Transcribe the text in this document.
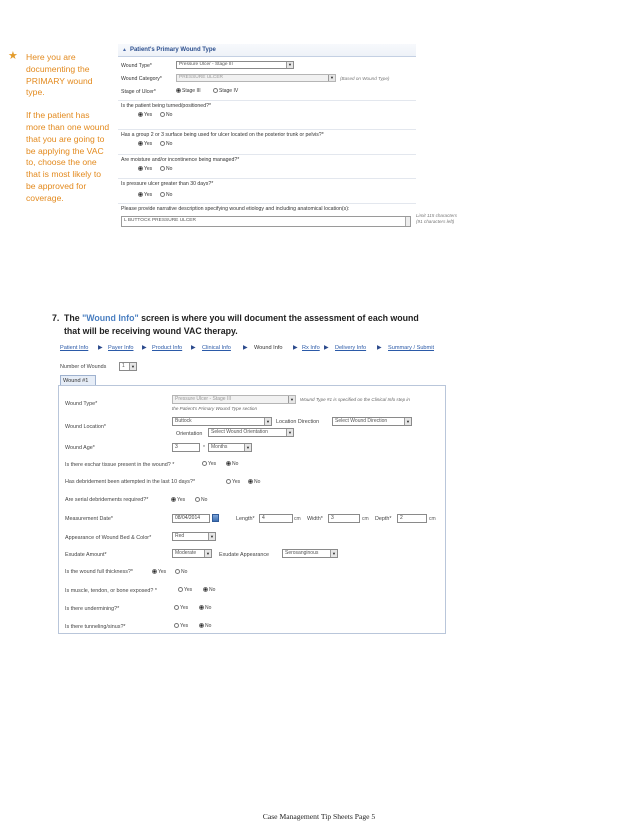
★ Here you are
documenting the
PRIMARY wound
type.

If the patient has
more than one wound
that you are going to
be applying the VAC
to, choose the one
that is most likely to
be approved for
coverage.

▲ Patient's Primary Wound Type
Wound Type*	Pressure Ulcer - Stage III	▼
Wound Category*	PRESSURE ULCER	▼ (Based on Wound Type)
Stage of Ulcer*	Stage III	Stage IV
Is the patient being turned/positioned?*
Yes	No
Has a group 2 or 3 surface being used for ulcer located on the posterior trunk or pelvis?*
Yes	No
Are moisture and/or incontinence being managed?*
Yes	No
Is pressure ulcer greater than 30 days?*
Yes	No
Please provide narrative description specifying wound etiology and including anatomical location(s):
L BUTTOCK PRESSURE ULCER
Limit 115 characters
(91 characters left)
7. The "Wound Info" screen is where you will document the assessment of each wound
that will be receiving wound VAC therapy.
Patient Info ▶ Payer Info ▶ Product Info ▶ Clinical Info ▶ Wound Info ▶ Rx Info ▶ Delivery Info ▶ Summary / Submit
Number of Wounds	1	▼
Wound #1
Wound Type*
Pressure Ulcer - Stage III	▼ Wound Type #1 is specified on the Clinical Info step in
the Patient's Primary Wound Type section
Wound Location*
Buttock	▼ Location Direction	Select Wound Direction	▼
Orientation	Select Wound Orientation	▼
Wound Age*	3	*	Months	▼
Is there eschar tissue present in the wound? *	Yes	No
Has debridement been attempted in the last 10 days?*	Yes	No
Are serial debridements required?*	Yes	No
Measurement Date*	08/04/2014	Length*	4	cm Width*	3	cm Depth*	2	cm
Appearance of Wound Bed & Color*	Red	▼
Exudate Amount*	Moderate	▼ Exudate Appearance	Serosanginous	▼
Is the wound full thickness?*	Yes	No
Is muscle, tendon, or bone exposed? *	Yes	No
Is there undermining?*	Yes	No
Is there tunneling/sinus?*	Yes	No
Case Management Tip Sheets Page 5
